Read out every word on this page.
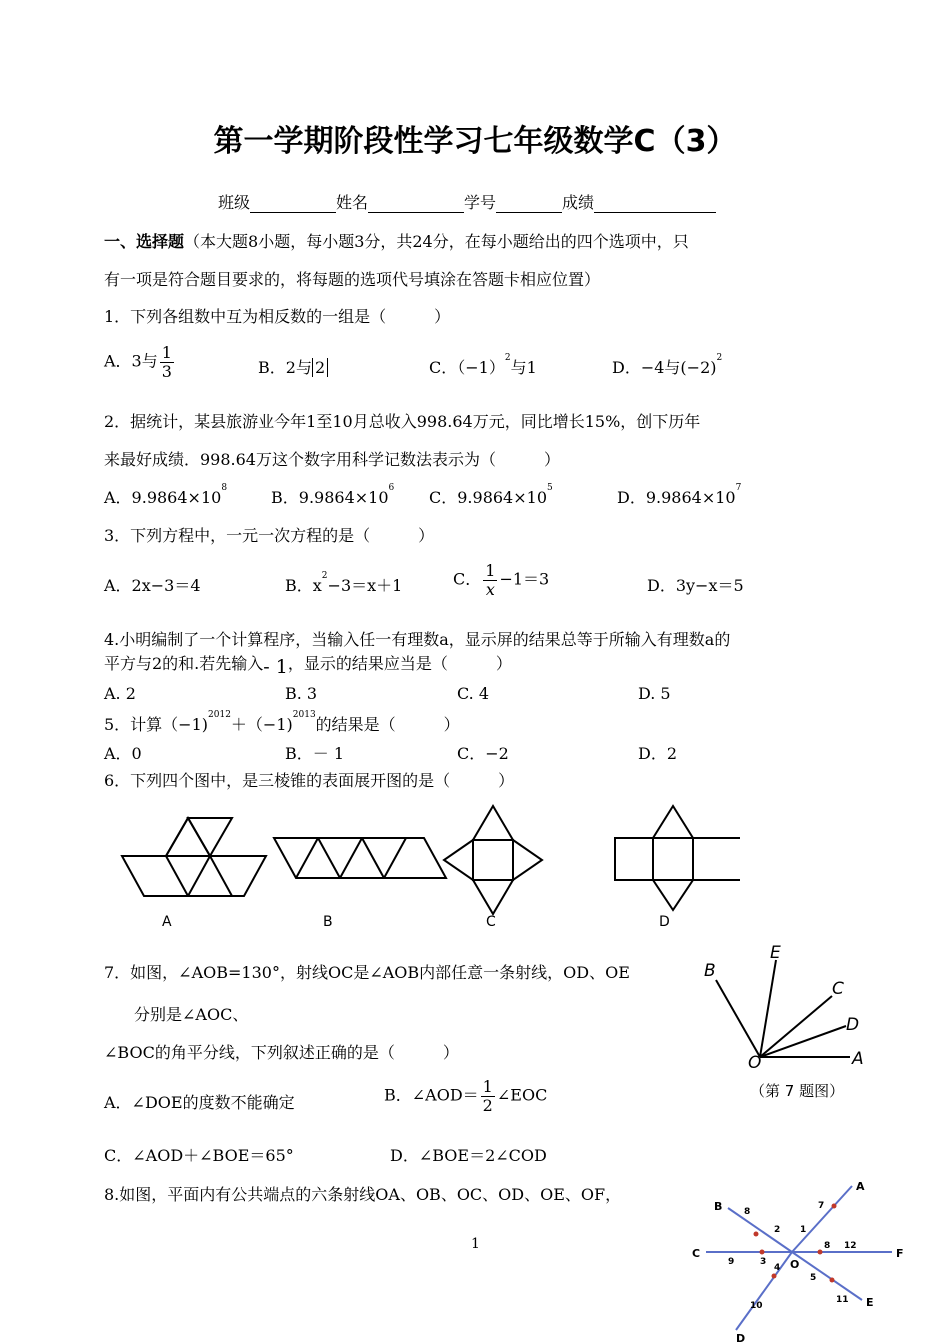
第一学期阶段性学习七年级数学C（3）
班级	姓名	学号	成绩
一、选择题（本大题8小题，每小题3分，共24分，在每小题给出的四个选项中，只
有一项是符合题目要求的，将每题的选项代号填涂在答题卡相应位置）
1．下列各组数中互为相反数的一组是（　　　）
A．3与 $\frac{1}{3}$	B．2与 2	C．$(-1)^2$与1	D．−4与$(-2)^2$
2．据统计，某县旅游业今年1至10月总收入998.64万元，同比增长15%，创下历年
来最好成绩．998.64万这个数字用科学记数法表示为（　　　）
A．$9.9864\times 10^8$	B．$9.9864\times 10^6$ C．$9.9864\times 10^5$	D．$9.9864\times 10^7$
3．下列方程中，一元一次方程的是（　　　）
A．2x−3＝4	B．$x^2-3=x+1$	C． $\frac{1}{x} -1=3$	D．3y−x＝5
4.小明编制了一个计算程序，当输入任一有理数a，显示屏的结果总等于所输入有理数a的
平方与2的和.若先输入- 1，显示的结果应当是（　　　）
A. 2	B. 3	C. 4	D. 5
5．计算（−1)$^{2012}$＋（−1)$^{2013}$的结果是（　　　）
A．0	B．－ 1	C．−2	D．2
6．下列四个图中，是三棱锥的表面展开图的是（　　　）
A	B	C	D
7．如图，∠AOB=130°，射线OC是∠AOB内部任意一条射线，OD、OE
分别是∠AOC、
∠BOC的角平分线，下列叙述正确的是（　　　）
A．∠DOE的度数不能确定	B．∠AOD＝ $\frac{1}{2}$ ∠EOC
C．∠AOD＋∠BOE＝65°	D．∠BOE＝2∠COD
B
E
C
D
O	A
（第 7 题图）
8.如图，平面内有公共端点的六条射线OA、OB、OC、OD、OE、OF，	A
B
C
D
E
F
O
7
8
2 1
9	3
8 12
4
5
10
11
1
